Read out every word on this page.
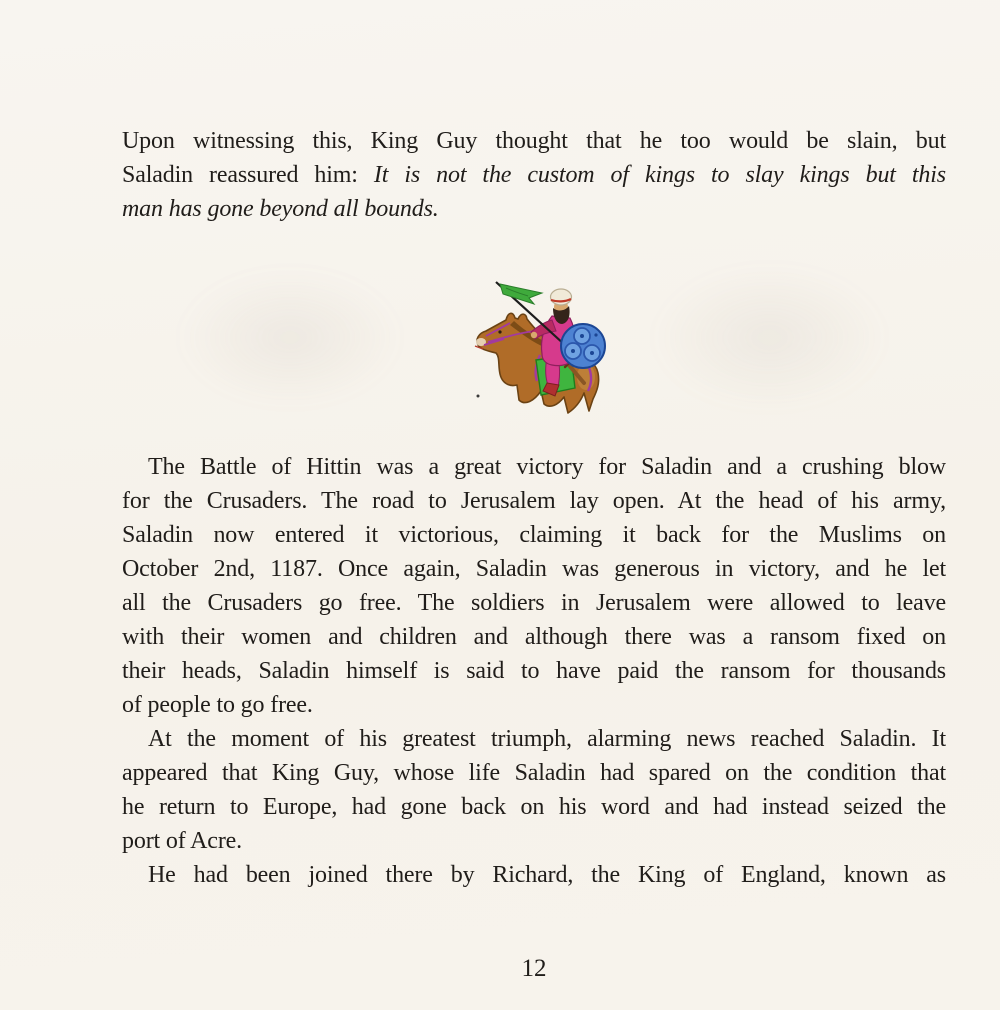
Upon witnessing this, King Guy thought that he too would be slain, but
Saladin reassured him: It is not the custom of kings to slay kings but this
man has gone beyond all bounds.
The Battle of Hittin was a great victory for Saladin and a crushing blow
for the Crusaders. The road to Jerusalem lay open. At the head of his army,
Saladin now entered it victorious, claiming it back for the Muslims on
October 2nd, 1187. Once again, Saladin was generous in victory, and he let
all the Crusaders go free. The soldiers in Jerusalem were allowed to leave
with their women and children and although there was a ransom fixed on
their heads, Saladin himself is said to have paid the ransom for thousands
of people to go free.
At the moment of his greatest triumph, alarming news reached Saladin. It
appeared that King Guy, whose life Saladin had spared on the condition that
he return to Europe, had gone back on his word and had instead seized the
port of Acre.
He had been joined there by Richard, the King of England, known as
12
